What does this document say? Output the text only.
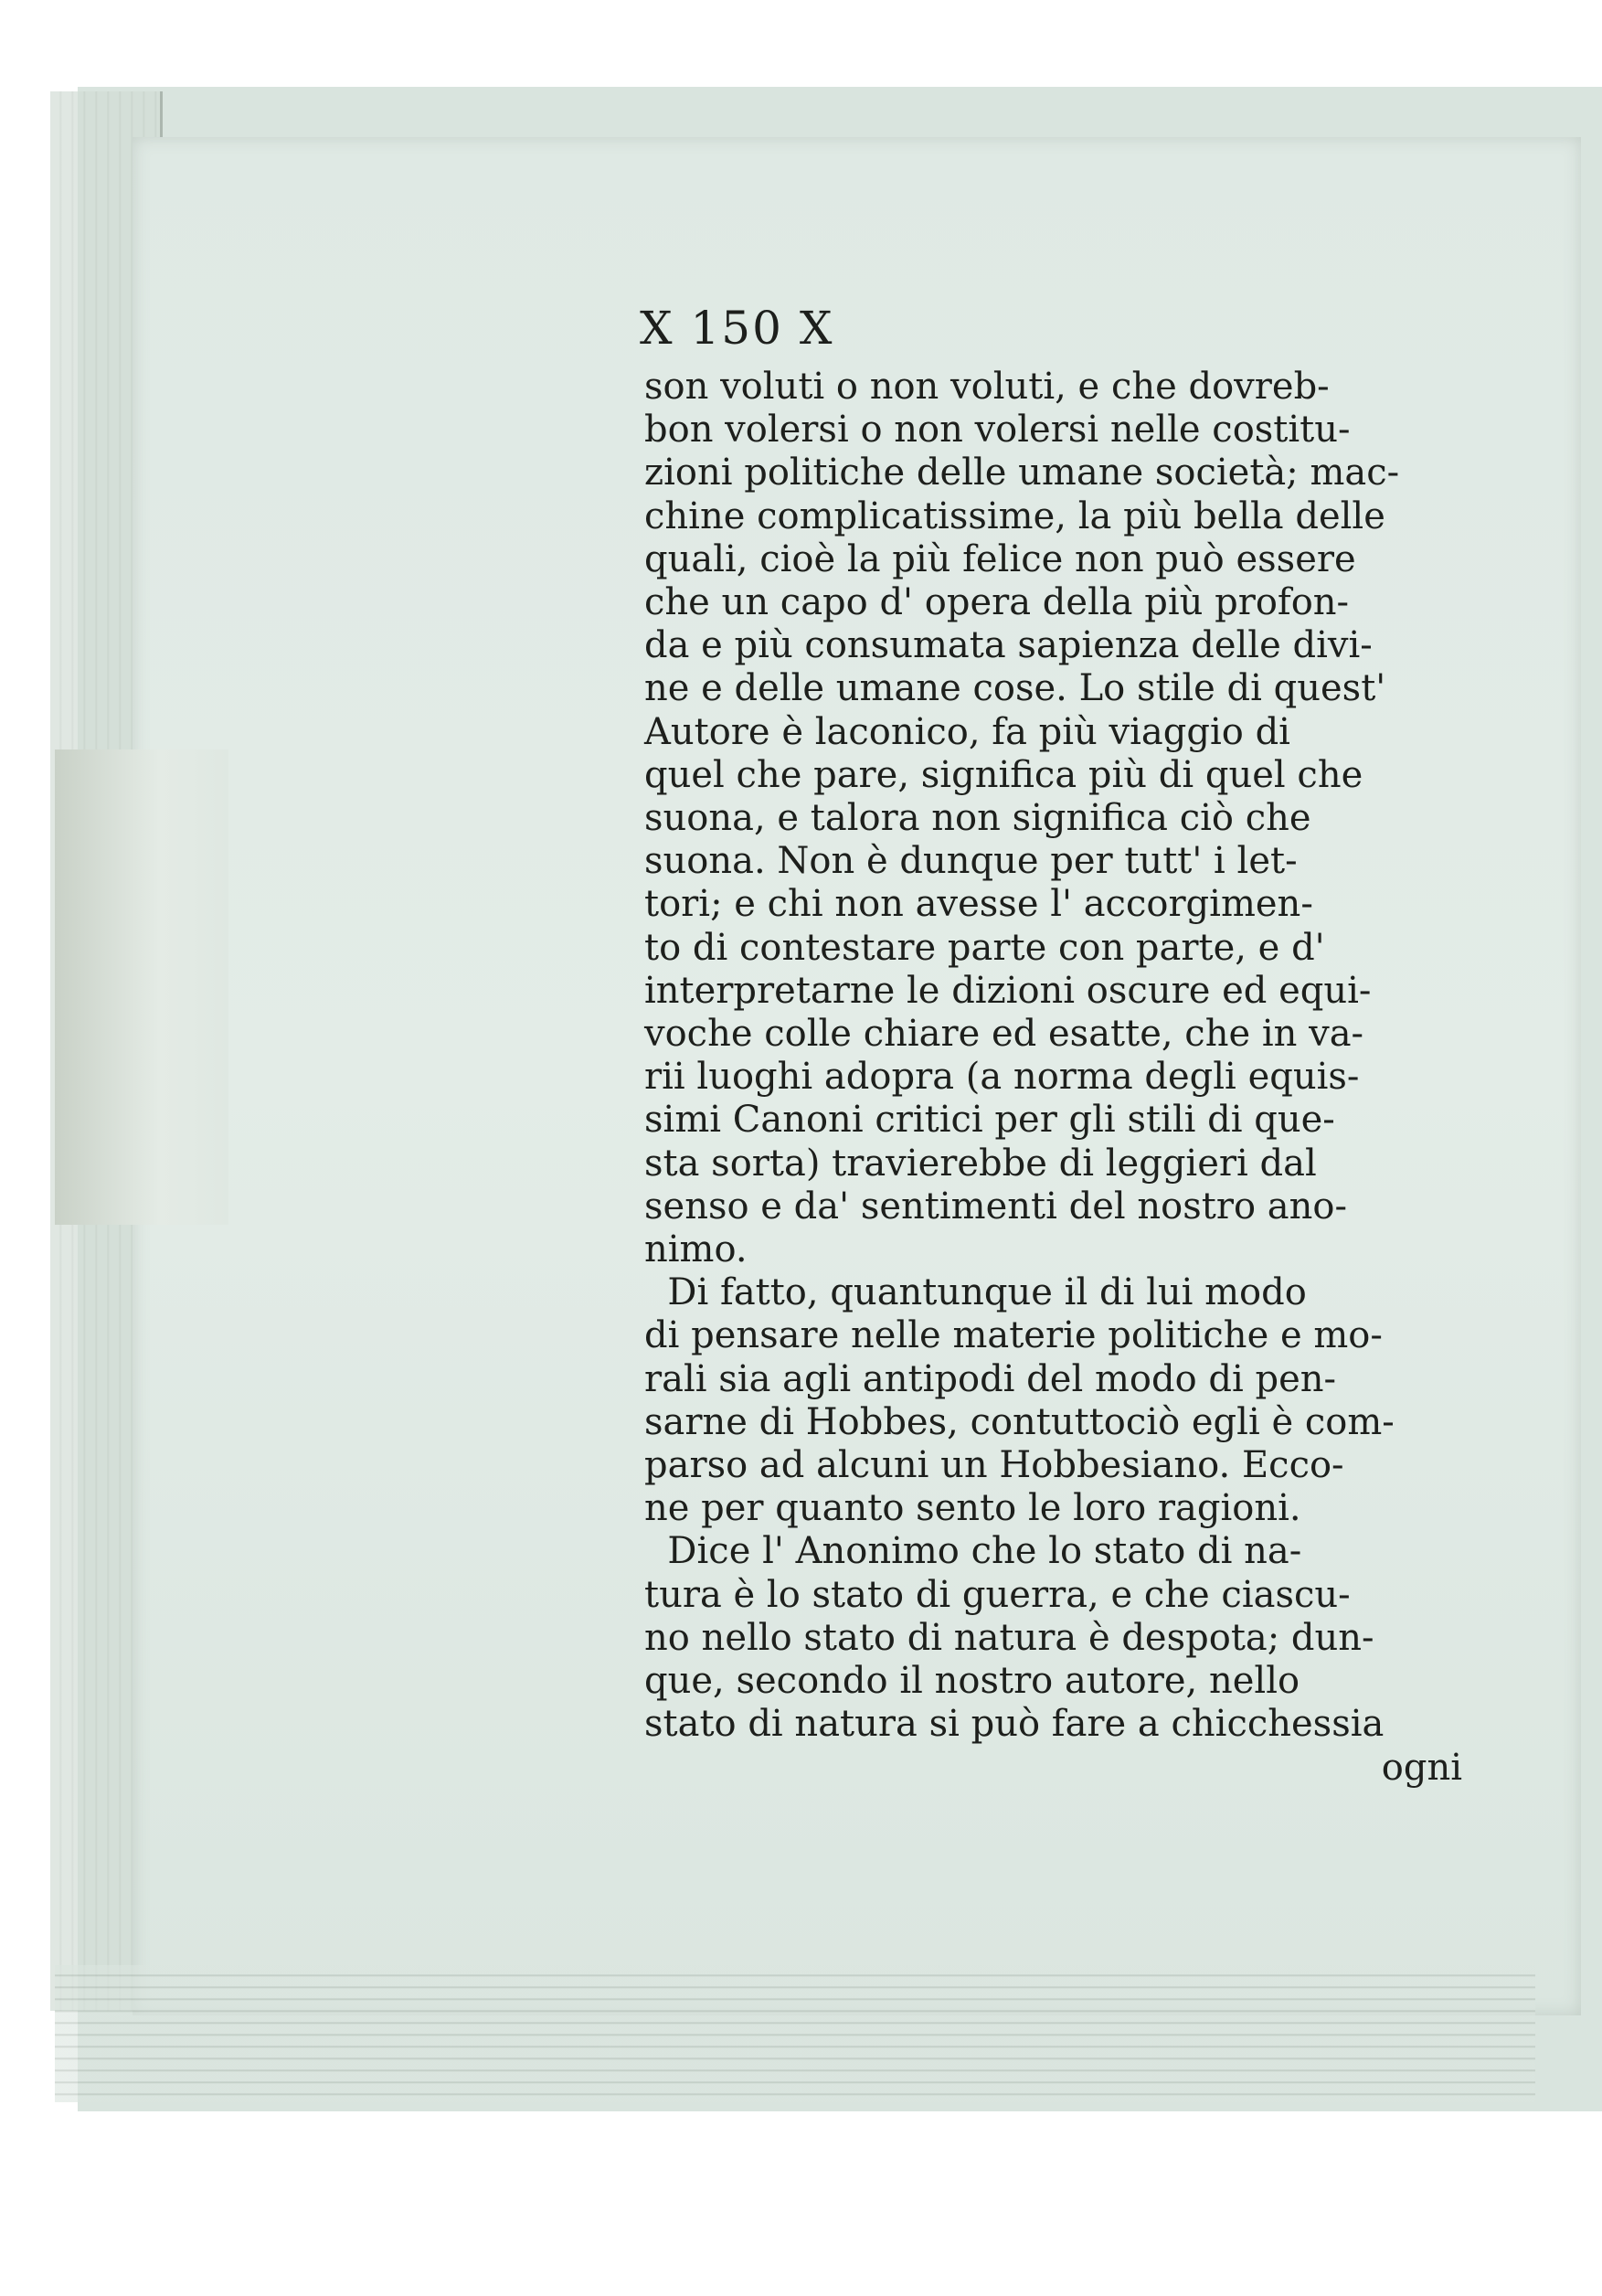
X 150 X
son voluti o non voluti, e che dovreb-
bon volersi o non volersi nelle costitu-
zioni politiche delle umane società; mac-
chine complicatissime, la più bella delle
quali, cioè la più felice non può essere
che un capo d' opera della più profon-
da e più consumata sapienza delle divi-
ne e delle umane cose. Lo stile di quest'
Autore è laconico, fa più viaggio di
quel che pare, significa più di quel che
suona, e talora non significa ciò che
suona. Non è dunque per tutt' i let-
tori; e chi non avesse l' accorgimen-
to di contestare parte con parte, e d'
interpretarne le dizioni oscure ed equi-
voche colle chiare ed esatte, che in va-
rii luoghi adopra (a norma degli equis-
simi Canoni critici per gli stili di que-
sta sorta) travierebbe di leggieri dal
senso e da' sentimenti del nostro ano-
nimo.
Di fatto, quantunque il di lui modo
di pensare nelle materie politiche e mo-
rali sia agli antipodi del modo di pen-
sarne di Hobbes, contuttociò egli è com-
parso ad alcuni un Hobbesiano. Ecco-
ne per quanto sento le loro ragioni.
Dice l' Anonimo che lo stato di na-
tura è lo stato di guerra, e che ciascu-
no nello stato di natura è despota; dun-
que, secondo il nostro autore, nello
stato di natura si può fare a chicchessia
ogni
